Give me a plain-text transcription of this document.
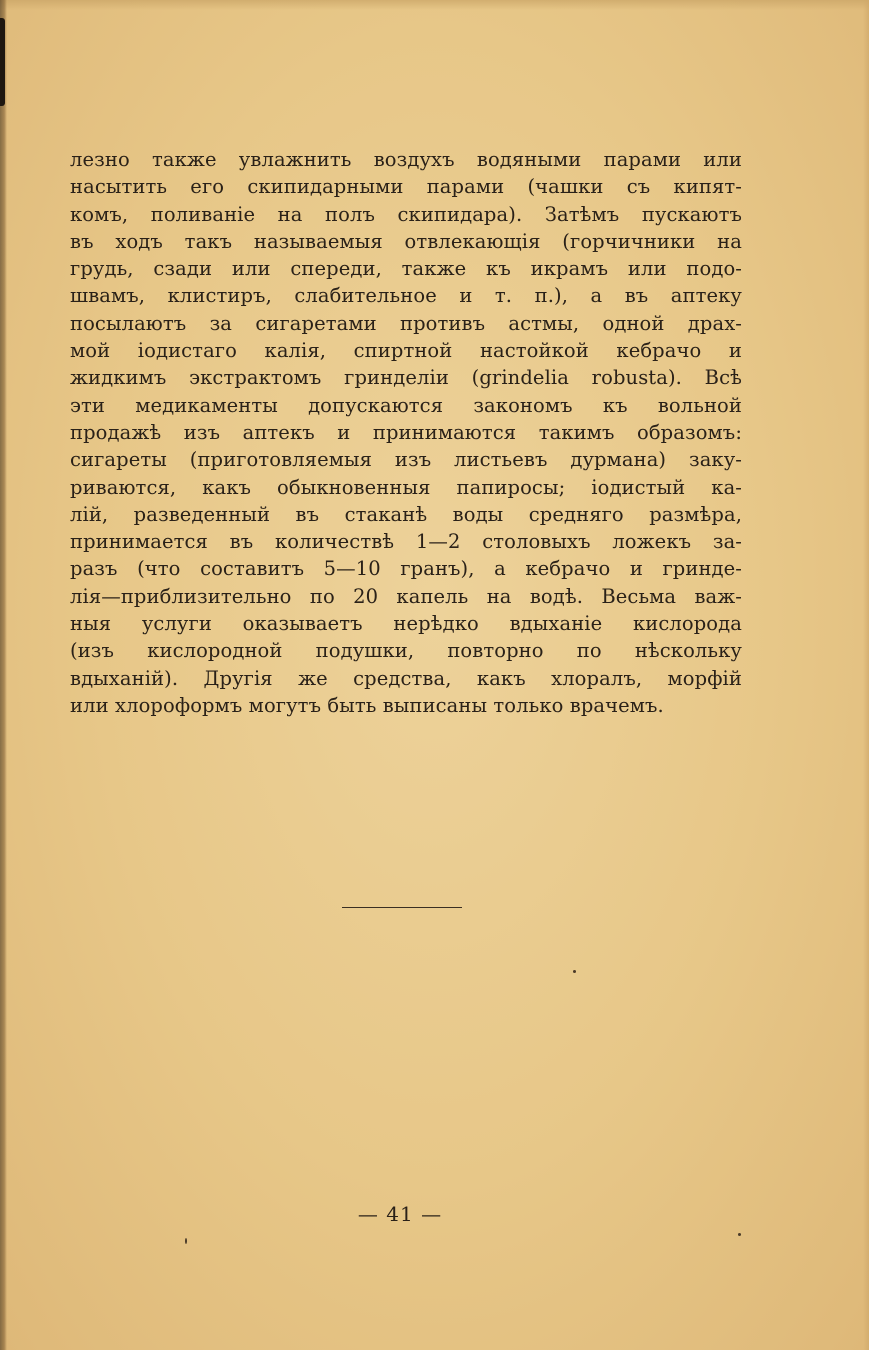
лезно также увлажнить воздухъ водяными парами или
насытить его скипидарными парами (чашки съ кипят-
комъ, поливанiе на полъ скипидара). Затѣмъ пускаютъ
въ ходъ такъ называемыя отвлекающiя (горчичники на
грудь, сзади или спереди, также къ икрамъ или подо-
швамъ, клистиръ, слабительное и т. п.), а въ аптеку
посылаютъ за сигаретами противъ астмы, одной драх-
мой iодистаго калiя, спиртной настойкой кебрачо и
жидкимъ экстрактомъ гринделiи (grindelia robusta). Всѣ
эти медикаменты допускаются закономъ къ вольной
продажѣ изъ аптекъ и принимаются такимъ образомъ:
сигареты (приготовляемыя изъ листьевъ дурмана) заку-
риваются, какъ обыкновенныя папиросы; iодистый ка-
лiй, разведенный въ стаканѣ воды средняго размѣра,
принимается въ количествѣ 1—2 столовыхъ ложекъ за-
разъ (что составитъ 5—10 гранъ), а кебрачо и гринде-
лiя—приблизительно по 20 капель на водѣ. Весьма важ-
ныя услуги оказываетъ нерѣдко вдыханiе кислорода
(изъ кислородной подушки, повторно по нѣскольку
вдыханiй). Другiя же средства, какъ хлоралъ, морфiй
или хлороформъ могутъ быть выписаны только врачемъ.
— 41 —
